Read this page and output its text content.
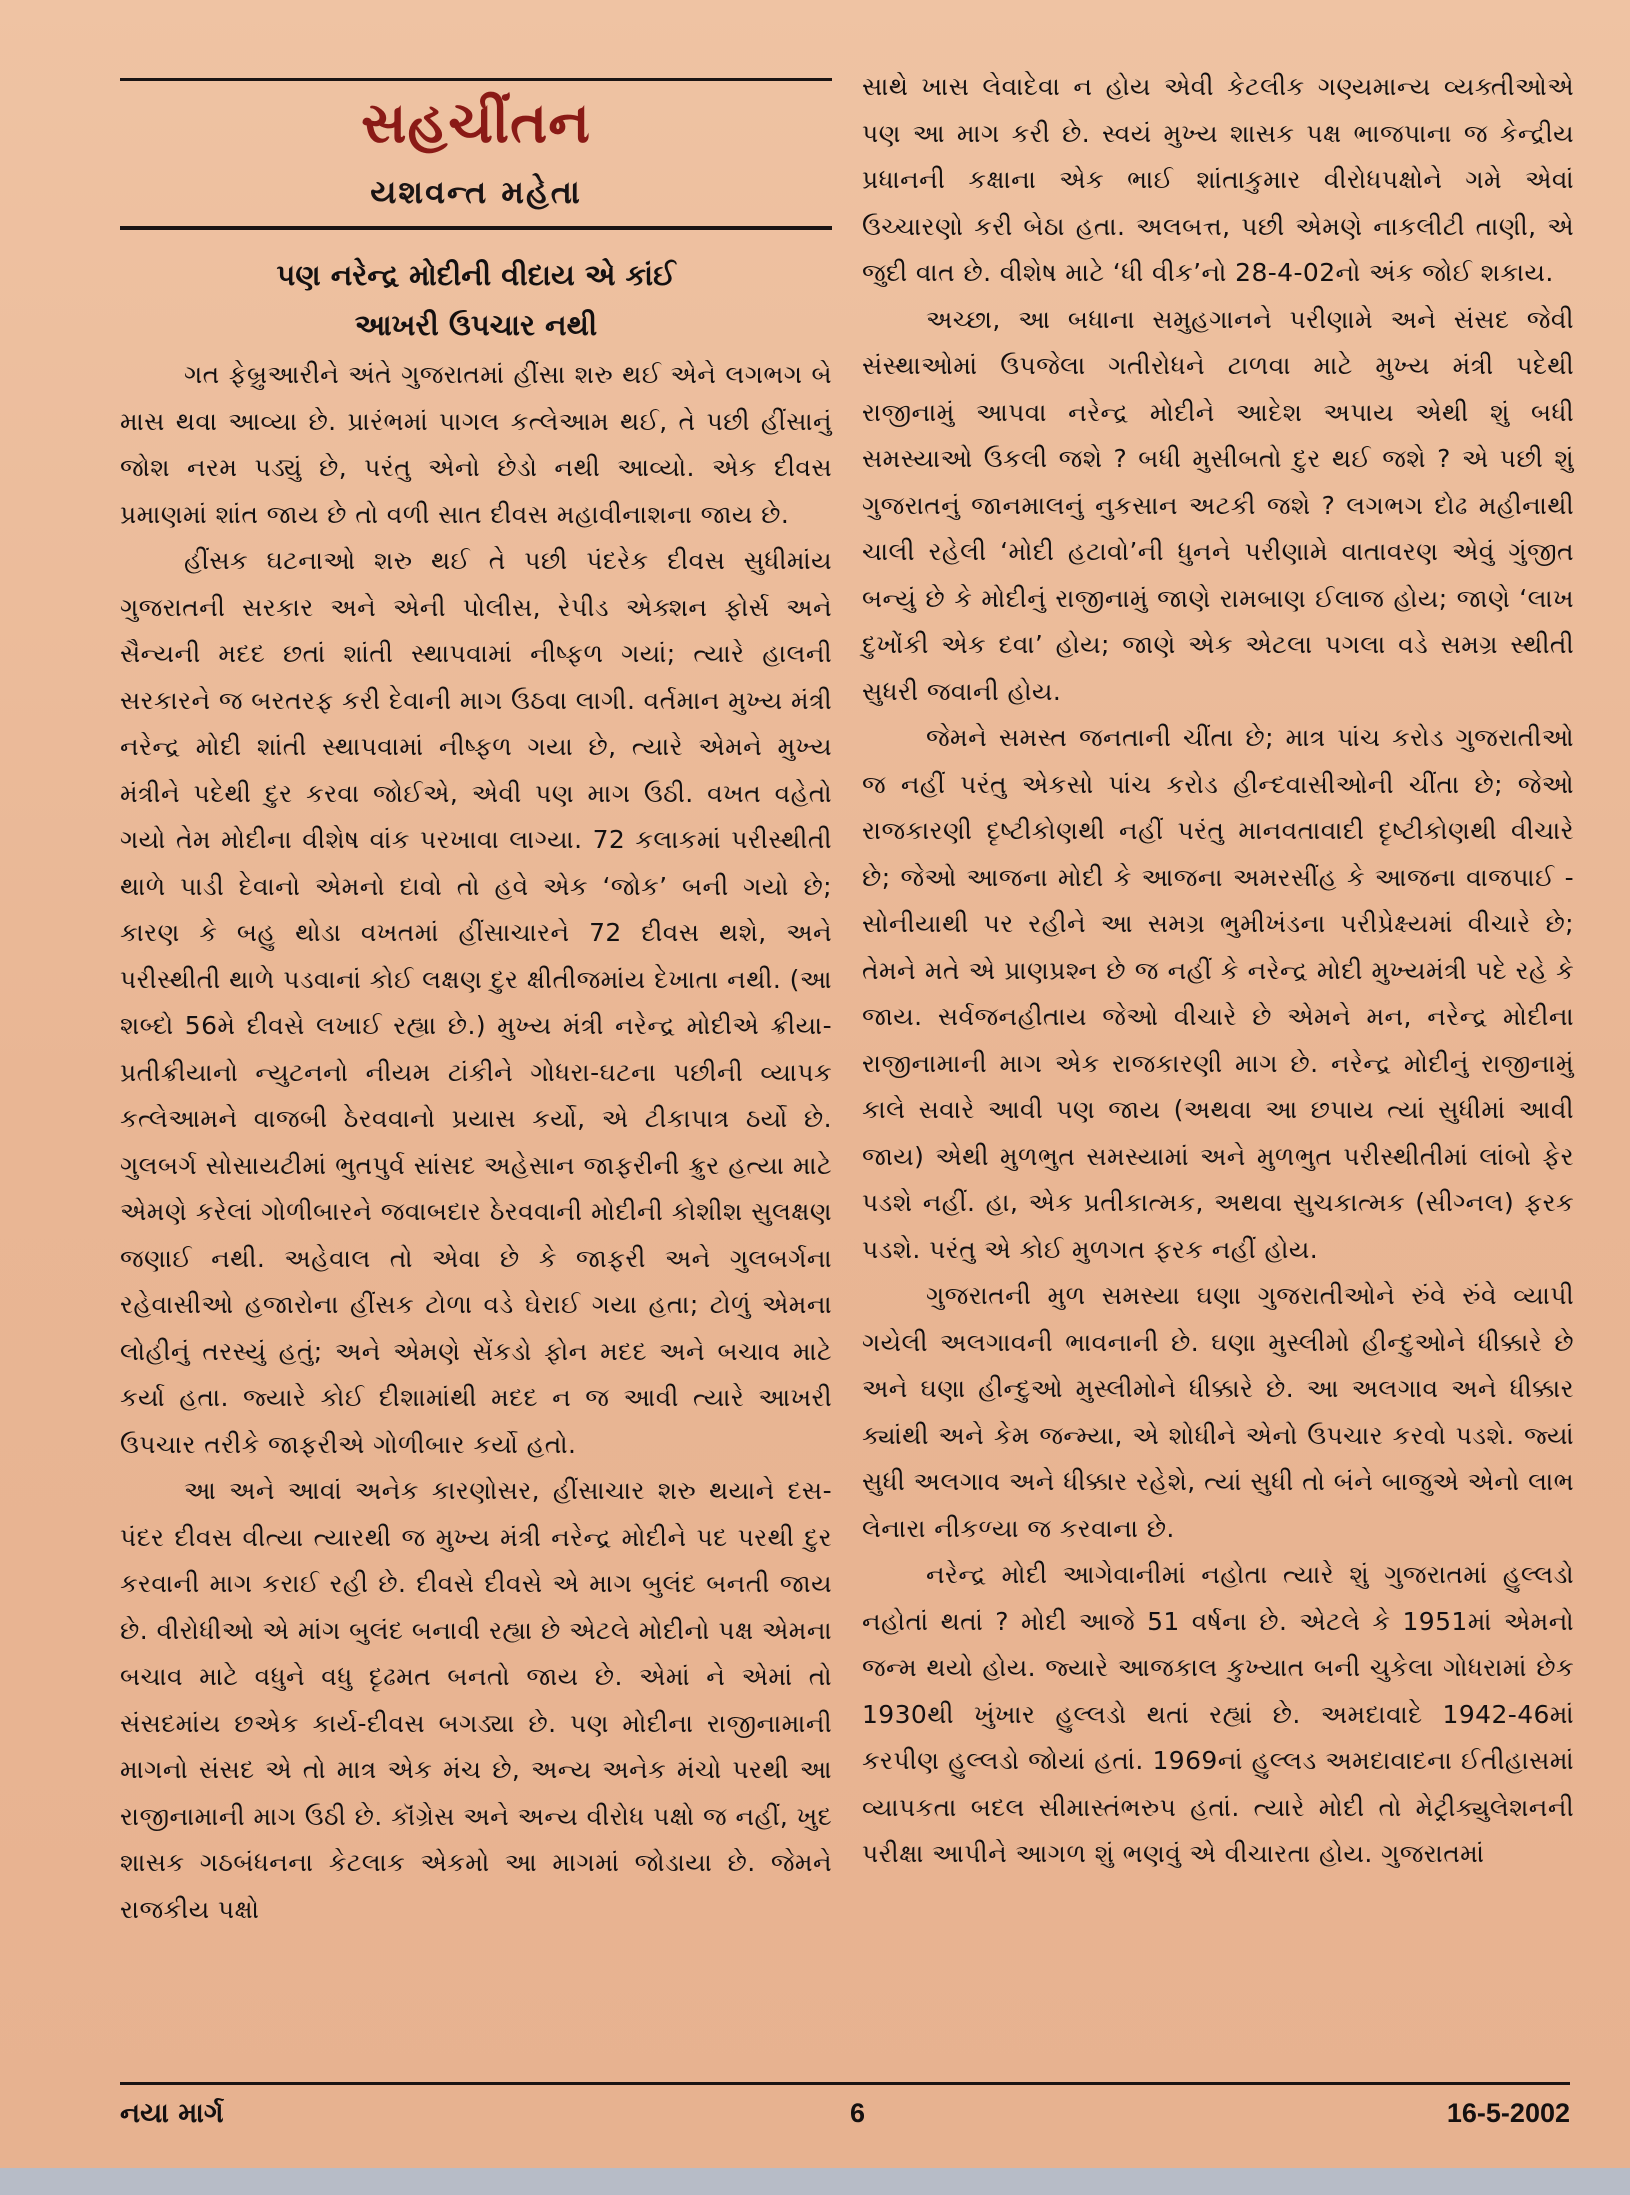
સહચીંતન
યશવન્ત મહેતા
પણ નરેન્દ્ર મોદીની વીદાય એ કાંઈ
આખરી ઉપચાર નથી

ગત ફેબ્રુઆરીને અંતે ગુજરાતમાં હીંસા શરુ થઈ એને લગભગ બે માસ થવા આવ્યા છે. પ્રારંભમાં પાગલ કત્લેઆમ થઈ, તે પછી હીંસાનું જોશ નરમ પડ્યું છે, પરંતુ એનો છેડો નથી આવ્યો. એક દીવસ પ્રમાણમાં શાંત જાય છે તો વળી સાત દીવસ મહાવીનાશના જાય છે.

હીંસક ઘટનાઓ શરુ થઈ તે પછી પંદરેક દીવસ સુધીમાંય ગુજરાતની સરકાર અને એની પોલીસ, રેપીડ એક્શન ફોર્સ અને સૈન્યની મદદ છતાં શાંતી સ્થાપવામાં નીષ્ફળ ગયાં; ત્યારે હાલની સરકારને જ બરતરફ કરી દેવાની માગ ઉઠવા લાગી. વર્તમાન મુખ્ય મંત્રી નરેન્દ્ર મોદી શાંતી સ્થાપવામાં નીષ્ફળ ગયા છે, ત્યારે એમને મુખ્ય મંત્રીને પદેથી દુર કરવા જોઈએ, એવી પણ માગ ઉઠી. વખત વહેતો ગયો તેમ મોદીના વીશેષ વાંક પરખાવા લાગ્યા. 72 કલાકમાં પરીસ્થીતી થાળે પાડી દેવાનો એમનો દાવો તો હવે એક ‘જોક’ બની ગયો છે; કારણ કે બહુ થોડા વખતમાં હીંસાચારને 72 દીવસ થશે, અને પરીસ્થીતી થાળે પડવાનાં કોઈ લક્ષણ દુર ક્ષીતીજમાંય દેખાતા નથી. (આ શબ્દો 56મે દીવસે લખાઈ રહ્યા છે.) મુખ્ય મંત્રી નરેન્દ્ર મોદીએ ક્રીયા-પ્રતીક્રીયાનો ન્યુટનનો નીયમ ટાંકીને ગોધરા-ઘટના પછીની વ્યાપક કત્લેઆમને વાજબી ઠેરવવાનો પ્રયાસ કર્યો, એ ટીકાપાત્ર ઠર્યો છે. ગુલબર્ગ સોસાયટીમાં ભુતપુર્વ સાંસદ અહેસાન જાફરીની ક્રુર હત્યા માટે એમણે કરેલાં ગોળીબારને જવાબદાર ઠેરવવાની મોદીની કોશીશ સુલક્ષણ જણાઈ નથી. અહેવાલ તો એવા છે કે જાફરી અને ગુલબર્ગના રહેવાસીઓ હજારોના હીંસક ટોળા વડે ઘેરાઈ ગયા હતા; ટોળું એમના લોહીનું તરસ્યું હતું; અને એમણે સેંકડો ફોન મદદ અને બચાવ માટે કર્યા હતા. જ્યારે કોઈ દીશામાંથી મદદ ન જ આવી ત્યારે આખરી ઉપચાર તરીકે જાફરીએ ગોળીબાર કર્યો હતો.

આ અને આવાં અનેક કારણોસર, હીંસાચાર શરુ થયાને દસ-પંદર દીવસ વીત્યા ત્યારથી જ મુખ્ય મંત્રી નરેન્દ્ર મોદીને પદ પરથી દુર કરવાની માગ કરાઈ રહી છે. દીવસે દીવસે એ માગ બુલંદ બનતી જાય છે. વીરોધીઓ એ માંગ બુલંદ બનાવી રહ્યા છે એટલે મોદીનો પક્ષ એમના બચાવ માટે વધુને વધુ દૃઢમત બનતો જાય છે. એમાં ને એમાં તો સંસદમાંય છએક કાર્ય-દીવસ બગડ્યા છે. પણ મોદીના રાજીનામાની માગનો સંસદ એ તો માત્ર એક મંચ છે, અન્ય અનેક મંચો પરથી આ રાજીનામાની માગ ઉઠી છે. કૉંગ્રેસ અને અન્ય વીરોધ પક્ષો જ નહીં, ખુદ શાસક ગઠબંધનના કેટલાક એકમો આ માગમાં જોડાયા છે. જેમને રાજકીય પક્ષો

સાથે ખાસ લેવાદેવા ન હોય એવી કેટલીક ગણ્યમાન્ય વ્યક્તીઓએ પણ આ માગ કરી છે. સ્વયં મુખ્ય શાસક પક્ષ ભાજપાના જ કેન્દ્રીય પ્રધાનની કક્ષાના એક ભાઈ શાંતાકુમાર વીરોધપક્ષોને ગમે એવાં ઉચ્ચારણો કરી બેઠા હતા. અલબત્ત, પછી એમણે નાકલીટી તાણી, એ જુદી વાત છે. વીશેષ માટે ‘ધી વીક’નો 28-4-02નો અંક જોઈ શકાય.

અચ્છા, આ બધાના સમુહગાનને પરીણામે અને સંસદ જેવી સંસ્થાઓમાં ઉપજેલા ગતીરોધને ટાળવા માટે મુખ્ય મંત્રી પદેથી રાજીનામું આપવા નરેન્દ્ર મોદીને આદેશ અપાય એથી શું બધી સમસ્યાઓ ઉકલી જશે ? બધી મુસીબતો દુર થઈ જશે ? એ પછી શું ગુજરાતનું જાનમાલનું નુકસાન અટકી જશે ? લગભગ દોઢ મહીનાથી ચાલી રહેલી ‘મોદી હટાવો’ની ધુનને પરીણામે વાતાવરણ એવું ગુંજીત બન્યું છે કે મોદીનું રાજીનામું જાણે રામબાણ ઈલાજ હોય; જાણે ‘લાખ દુખોંકી એક દવા’ હોય; જાણે એક એટલા પગલા વડે સમગ્ર સ્થીતી સુધરી જવાની હોય.

જેમને સમસ્ત જનતાની ચીંતા છે; માત્ર પાંચ કરોડ ગુજરાતીઓ જ નહીં પરંતુ એકસો પાંચ કરોડ હીન્દવાસીઓની ચીંતા છે; જેઓ રાજકારણી દૃષ્ટીકોણથી નહીં પરંતુ માનવતાવાદી દૃષ્ટીકોણથી વીચારે છે; જેઓ આજના મોદી કે આજના અમરસીંહ કે આજના વાજપાઈ - સોનીયાથી પર રહીને આ સમગ્ર ભુમીખંડના પરીપ્રેક્ષ્યમાં વીચારે છે; તેમને મતે એ પ્રાણપ્રશ્ન છે જ નહીં કે નરેન્દ્ર મોદી મુખ્યમંત્રી પદે રહે કે જાય. સર્વજનહીતાય જેઓ વીચારે છે એમને મન, નરેન્દ્ર મોદીના રાજીનામાની માગ એક રાજકારણી માગ છે. નરેન્દ્ર મોદીનું રાજીનામું કાલે સવારે આવી પણ જાય (અથવા આ છપાય ત્યાં સુધીમાં આવી જાય) એથી મુળભુત સમસ્યામાં અને મુળભુત પરીસ્થીતીમાં લાંબો ફેર પડશે નહીં. હા, એક પ્રતીકાત્મક, અથવા સુચકાત્મક (સીગ્નલ) ફરક પડશે. પરંતુ એ કોઈ મુળગત ફરક નહીં હોય.

ગુજરાતની મુળ સમસ્યા ઘણા ગુજરાતીઓને રુંવે રુંવે વ્યાપી ગયેલી અલગાવની ભાવનાની છે. ઘણા મુસ્લીમો હીન્દુઓને ધીક્કારે છે અને ઘણા હીન્દુઓ મુસ્લીમોને ધીક્કારે છે. આ અલગાવ અને ધીક્કાર ક્યાંથી અને કેમ જન્મ્યા, એ શોધીને એનો ઉપચાર કરવો પડશે. જ્યાં સુધી અલગાવ અને ધીક્કાર રહેશે, ત્યાં સુધી તો બંને બાજુએ એનો લાભ લેનારા નીકળ્યા જ કરવાના છે.

નરેન્દ્ર મોદી આગેવાનીમાં નહોતા ત્યારે શું ગુજરાતમાં હુલ્લડો નહોતાં થતાં ? મોદી આજે 51 વર્ષના છે. એટલે કે 1951માં એમનો જન્મ થયો હોય. જ્યારે આજકાલ કુખ્યાત બની ચુકેલા ગોધરામાં છેક 1930થી ખુંખાર હુલ્લડો થતાં રહ્યાં છે. અમદાવાદે 1942-46માં કરપીણ હુલ્લડો જોયાં હતાં. 1969નાં હુલ્લડ અમદાવાદના ઈતીહાસમાં વ્યાપકતા બદલ સીમાસ્તંભરુપ હતાં. ત્યારે મોદી તો મેટ્રીક્યુલેશનની પરીક્ષા આપીને આગળ શું ભણવું એ વીચારતા હોય. ગુજરાતમાં

નયા માર્ગ	6	16-5-2002
